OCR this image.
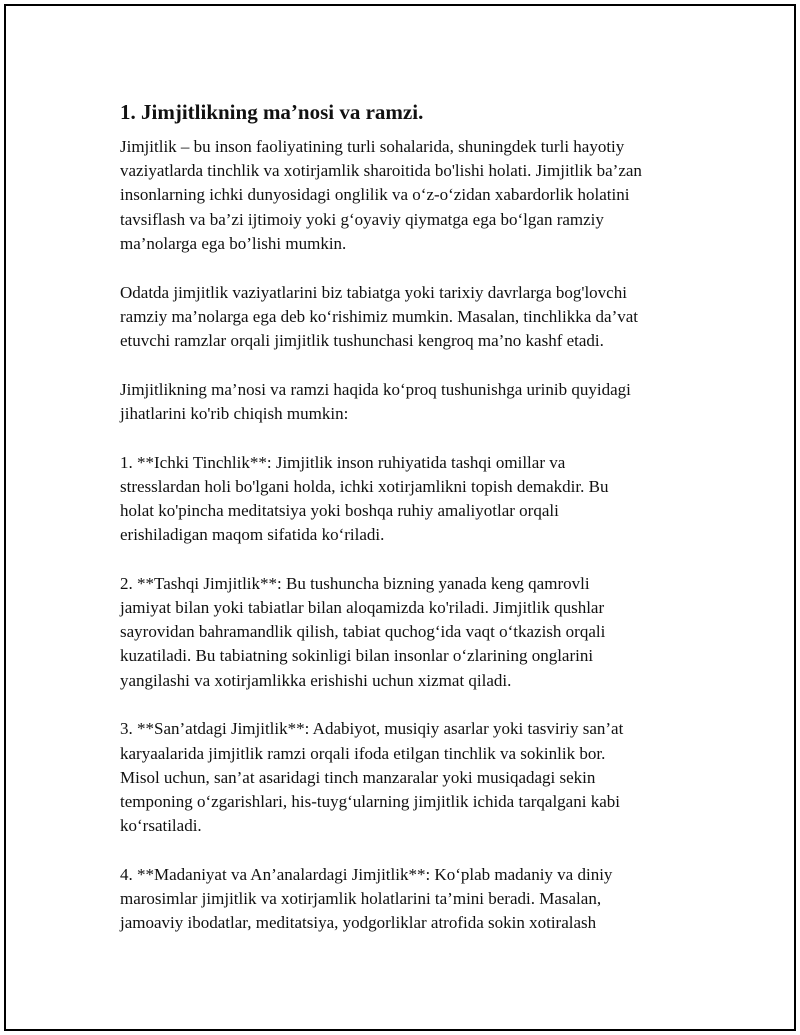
1. Jimjitlikning ma’nosi va ramzi.

Jimjitlik – bu inson faoliyatining turli sohalarida, shuningdek turli hayotiy
vaziyatlarda tinchlik va xotirjamlik sharoitida bo'lishi holati. Jimjitlik ba’zan
insonlarning ichki dunyosidagi onglilik va o‘z-o‘zidan xabardorlik holatini
tavsiflash va ba’zi ijtimoiy yoki g‘oyaviy qiymatga ega bo‘lgan ramziy
ma’nolarga ega bo’lishi mumkin.

Odatda jimjitlik vaziyatlarini biz tabiatga yoki tarixiy davrlarga bog'lovchi
ramziy ma’nolarga ega deb ko‘rishimiz mumkin. Masalan, tinchlikka da’vat
etuvchi ramzlar orqali jimjitlik tushunchasi kengroq ma’no kashf etadi.

Jimjitlikning ma’nosi va ramzi haqida ko‘proq tushunishga urinib quyidagi
jihatlarini ko'rib chiqish mumkin:

1. **Ichki Tinchlik**: Jimjitlik inson ruhiyatida tashqi omillar va
stresslardan holi bo'lgani holda, ichki xotirjamlikni topish demakdir. Bu
holat ko'pincha meditatsiya yoki boshqa ruhiy amaliyotlar orqali
erishiladigan maqom sifatida ko‘riladi.

2. **Tashqi Jimjitlik**: Bu tushuncha bizning yanada keng qamrovli
jamiyat bilan yoki tabiatlar bilan aloqamizda ko'riladi. Jimjitlik qushlar
sayrovidan bahramandlik qilish, tabiat quchog‘ida vaqt o‘tkazish orqali
kuzatiladi. Bu tabiatning sokinligi bilan insonlar o‘zlarining onglarini
yangilashi va xotirjamlikka erishishi uchun xizmat qiladi.

3. **San’atdagi Jimjitlik**: Adabiyot, musiqiy asarlar yoki tasviriy san’at
karyaalarida jimjitlik ramzi orqali ifoda etilgan tinchlik va sokinlik bor.
Misol uchun, san’at asaridagi tinch manzaralar yoki musiqadagi sekin
temponing o‘zgarishlari, his-tuyg‘ularning jimjitlik ichida tarqalgani kabi
ko‘rsatiladi.

4. **Madaniyat va An’analardagi Jimjitlik**: Ko‘plab madaniy va diniy
marosimlar jimjitlik va xotirjamlik holatlarini ta’mini beradi. Masalan,
jamoaviy ibodatlar, meditatsiya, yodgorliklar atrofida sokin xotiralash
